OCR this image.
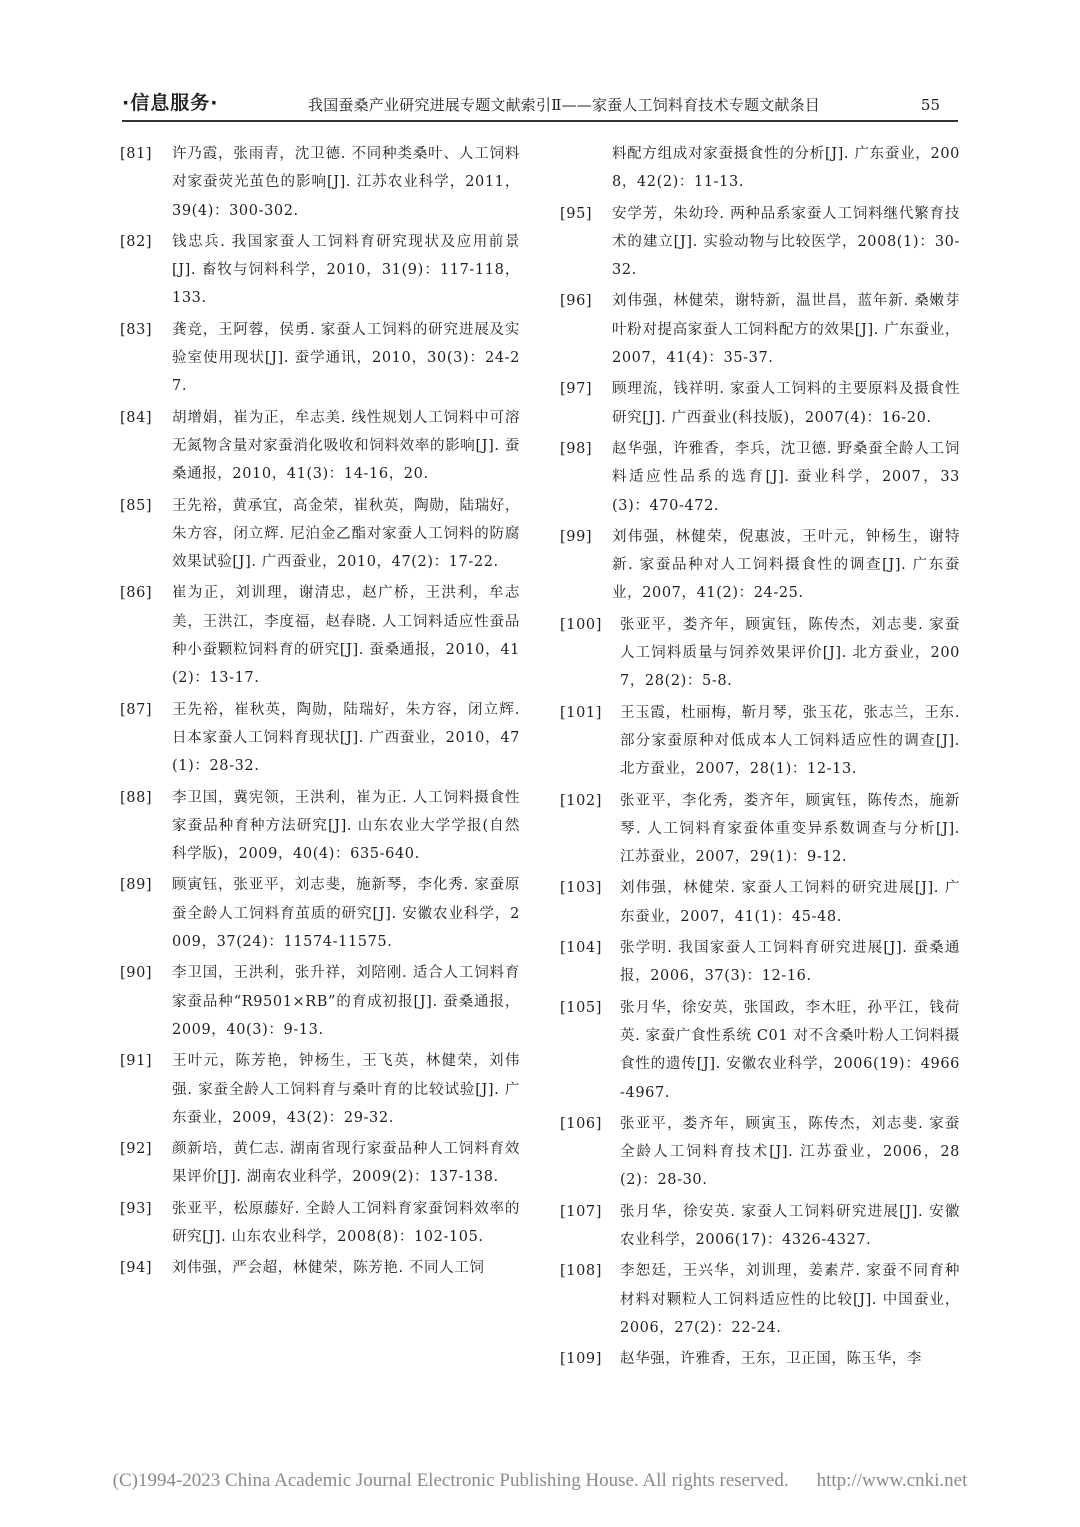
·信息服务·	我国蚕桑产业研究进展专题文献索引Ⅱ——家蚕人工饲料育技术专题文献条目	55
[81] 许乃霞，张雨青，沈卫德. 不同种类桑叶、人工饲料对家蚕荧光茧色的影响[J]. 江苏农业科学，2011，39(4)：300-302.
[82] 钱忠兵. 我国家蚕人工饲料育研究现状及应用前景[J]. 畜牧与饲料科学，2010，31(9)：117-118，133.
[83] 龚竞，王阿蓉，侯勇. 家蚕人工饲料的研究进展及实验室使用现状[J]. 蚕学通讯，2010，30(3)：24-27.
[84] 胡增娟，崔为正，牟志美. 线性规划人工饲料中可溶无氮物含量对家蚕消化吸收和饲料效率的影响[J]. 蚕桑通报，2010，41(3)：14-16，20.
[85] 王先裕，黄承宜，高金荣，崔秋英，陶勋，陆瑞好，朱方容，闭立辉. 尼泊金乙酯对家蚕人工饲料的防腐效果试验[J]. 广西蚕业，2010，47(2)：17-22.
[86] 崔为正，刘训理，谢清忠，赵广桥，王洪利，牟志美，王洪江，李度福，赵春晓. 人工饲料适应性蚕品种小蚕颗粒饲料育的研究[J]. 蚕桑通报，2010，41(2)：13-17.
[87] 王先裕，崔秋英，陶勋，陆瑞好，朱方容，闭立辉. 日本家蚕人工饲料育现状[J]. 广西蚕业，2010，47(1)：28-32.
[88] 李卫国，冀宪领，王洪利，崔为正. 人工饲料摄食性家蚕品种育种方法研究[J]. 山东农业大学学报(自然科学版)，2009，40(4)：635-640.
[89] 顾寅钰，张亚平，刘志斐，施新琴，李化秀. 家蚕原蚕全龄人工饲料育茧质的研究[J]. 安徽农业科学，2009，37(24)：11574-11575.
[90] 李卫国，王洪利，张升祥，刘陪刚. 适合人工饲料育家蚕品种“R9501×RB”的育成初报[J]. 蚕桑通报，2009，40(3)：9-13.
[91] 王叶元，陈芳艳，钟杨生，王飞英，林健荣，刘伟强. 家蚕全龄人工饲料育与桑叶育的比较试验[J]. 广东蚕业，2009，43(2)：29-32.
[92] 颜新培，黄仁志. 湖南省现行家蚕品种人工饲料育效果评价[J]. 湖南农业科学，2009(2)：137-138.
[93] 张亚平，松原藤好. 全龄人工饲料育家蚕饲料效率的研究[J]. 山东农业科学，2008(8)：102-105.
[94] 刘伟强，严会超，林健荣，陈芳艳. 不同人工饲
料配方组成对家蚕摄食性的分析[J]. 广东蚕业，2008，42(2)：11-13.
[95] 安学芳，朱幼玲. 两种品系家蚕人工饲料继代繁育技术的建立[J]. 实验动物与比较医学，2008(1)：30-32.
[96] 刘伟强，林健荣，谢特新，温世昌，蓝年新. 桑嫩芽叶粉对提高家蚕人工饲料配方的效果[J]. 广东蚕业，2007，41(4)：35-37.
[97] 顾理流，钱祥明. 家蚕人工饲料的主要原料及摄食性研究[J]. 广西蚕业(科技版)，2007(4)：16-20.
[98] 赵华强，许雅香，李兵，沈卫德. 野桑蚕全龄人工饲料适应性品系的选育[J]. 蚕业科学，2007，33(3)：470-472.
[99] 刘伟强，林健荣，倪惠波，王叶元，钟杨生，谢特新. 家蚕品种对人工饲料摄食性的调查[J]. 广东蚕业，2007，41(2)：24-25.
[100] 张亚平，娄齐年，顾寅钰，陈传杰，刘志斐. 家蚕人工饲料质量与饲养效果评价[J]. 北方蚕业，2007，28(2)：5-8.
[101] 王玉霞，杜丽梅，靳月琴，张玉花，张志兰，王东. 部分家蚕原种对低成本人工饲料适应性的调查[J]. 北方蚕业，2007，28(1)：12-13.
[102] 张亚平，李化秀，娄齐年，顾寅钰，陈传杰，施新琴. 人工饲料育家蚕体重变异系数调查与分析[J]. 江苏蚕业，2007，29(1)：9-12.
[103] 刘伟强，林健荣. 家蚕人工饲料的研究进展[J]. 广东蚕业，2007，41(1)：45-48.
[104] 张学明. 我国家蚕人工饲料育研究进展[J]. 蚕桑通报，2006，37(3)：12-16.
[105] 张月华，徐安英，张国政，李木旺，孙平江，钱荷英. 家蚕广食性系统 C01 对不含桑叶粉人工饲料摄食性的遗传[J]. 安徽农业科学，2006(19)：4966-4967.
[106] 张亚平，娄齐年，顾寅玉，陈传杰，刘志斐. 家蚕全龄人工饲料育技术[J]. 江苏蚕业，2006，28(2)：28-30.
[107] 张月华，徐安英. 家蚕人工饲料研究进展[J]. 安徽农业科学，2006(17)：4326-4327.
[108] 李恕廷，王兴华，刘训理，姜素芹. 家蚕不同育种材料对颗粒人工饲料适应性的比较[J]. 中国蚕业，2006，27(2)：22-24.
[109] 赵华强，许雅香，王东，卫正国，陈玉华，李
(C)1994-2023 China Academic Journal Electronic Publishing House. All rights reserved. http://www.cnki.net
